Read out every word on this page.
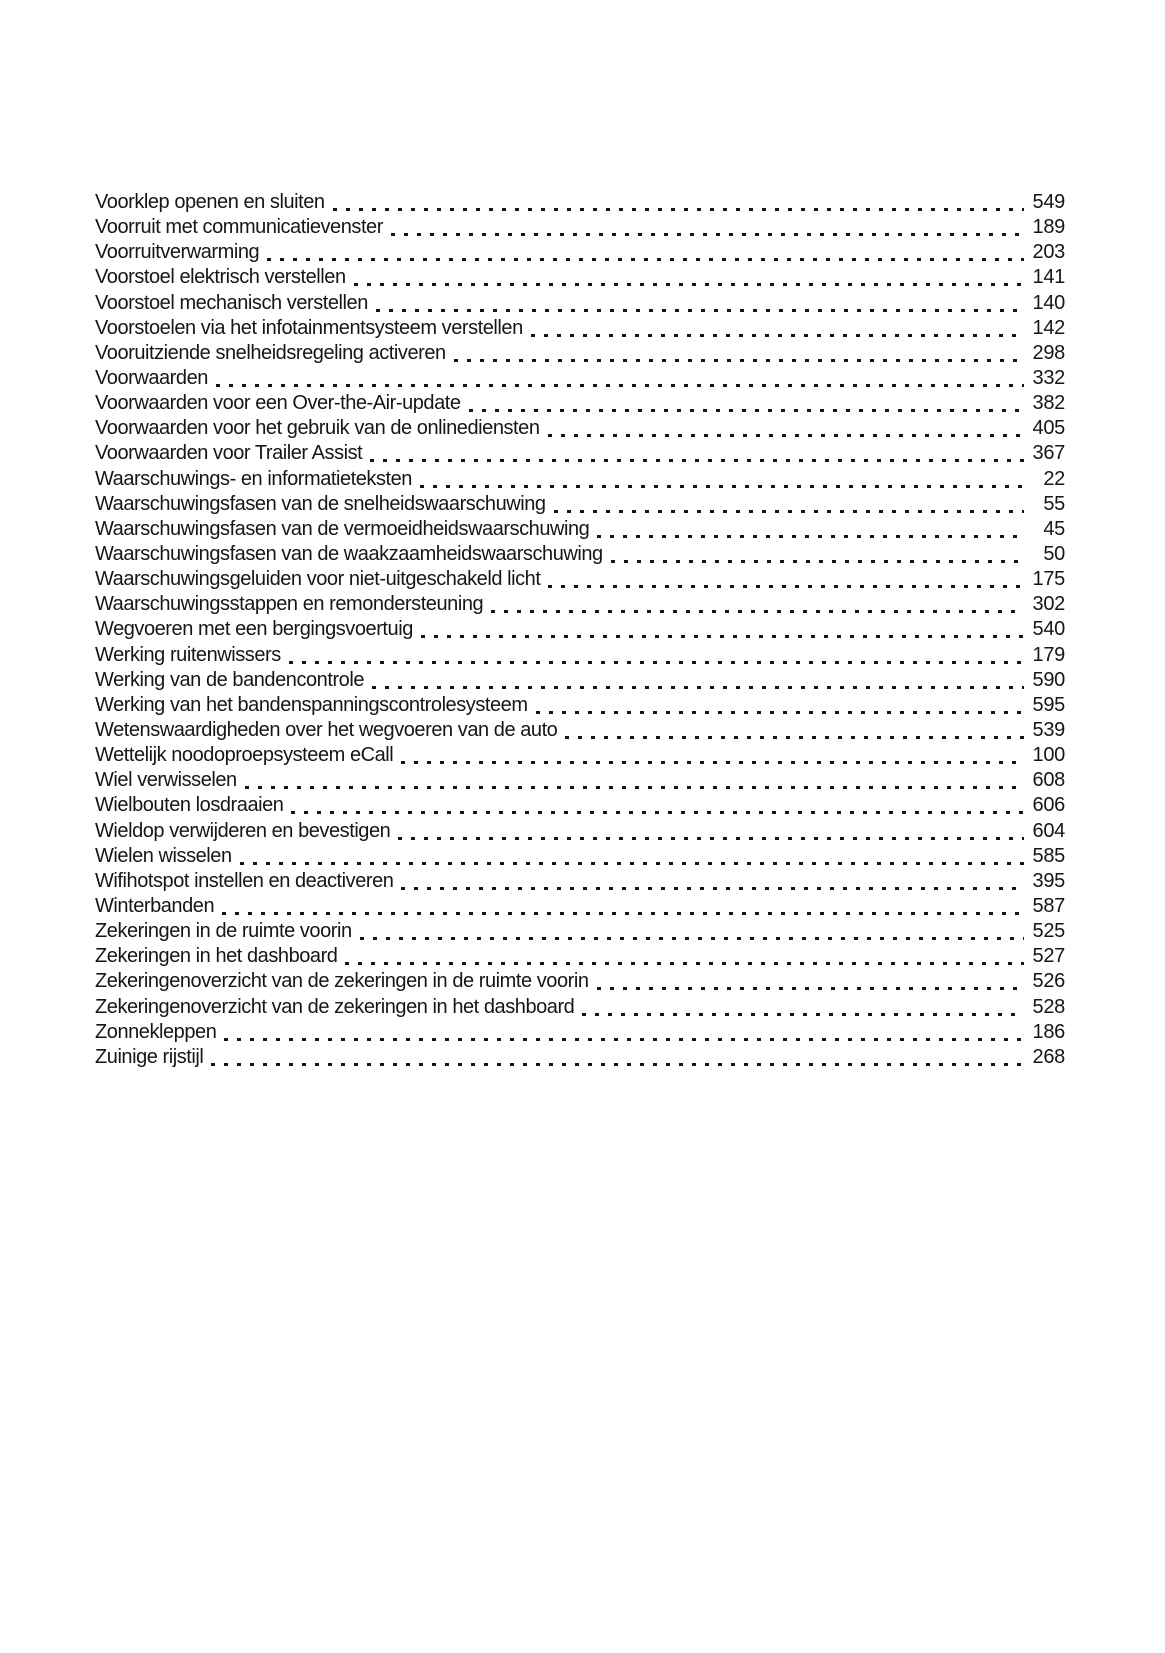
Voorklep openen en sluiten	549
Voorruit met communicatievenster	189
Voorruitverwarming	203
Voorstoel elektrisch verstellen	141
Voorstoel mechanisch verstellen	140
Voorstoelen via het infotainmentsysteem verstellen	142
Vooruitziende snelheidsregeling activeren	298
Voorwaarden	332
Voorwaarden voor een Over-the-Air-update	382
Voorwaarden voor het gebruik van de onlinediensten	405
Voorwaarden voor Trailer Assist	367
Waarschuwings- en informatieteksten	22
Waarschuwingsfasen van de snelheidswaarschuwing	55
Waarschuwingsfasen van de vermoeidheidswaarschuwing	45
Waarschuwingsfasen van de waakzaamheidswaarschuwing	50
Waarschuwingsgeluiden voor niet-uitgeschakeld licht	175
Waarschuwingsstappen en remondersteuning	302
Wegvoeren met een bergingsvoertuig	540
Werking ruitenwissers	179
Werking van de bandencontrole	590
Werking van het bandenspanningscontrolesysteem	595
Wetenswaardigheden over het wegvoeren van de auto	539
Wettelijk noodoproepsysteem eCall	100
Wiel verwisselen	608
Wielbouten losdraaien	606
Wieldop verwijderen en bevestigen	604
Wielen wisselen	585
Wifihotspot instellen en deactiveren	395
Winterbanden	587
Zekeringen in de ruimte voorin	525
Zekeringen in het dashboard	527
Zekeringenoverzicht van de zekeringen in de ruimte voorin	526
Zekeringenoverzicht van de zekeringen in het dashboard	528
Zonnekleppen	186
Zuinige rijstijl	268
